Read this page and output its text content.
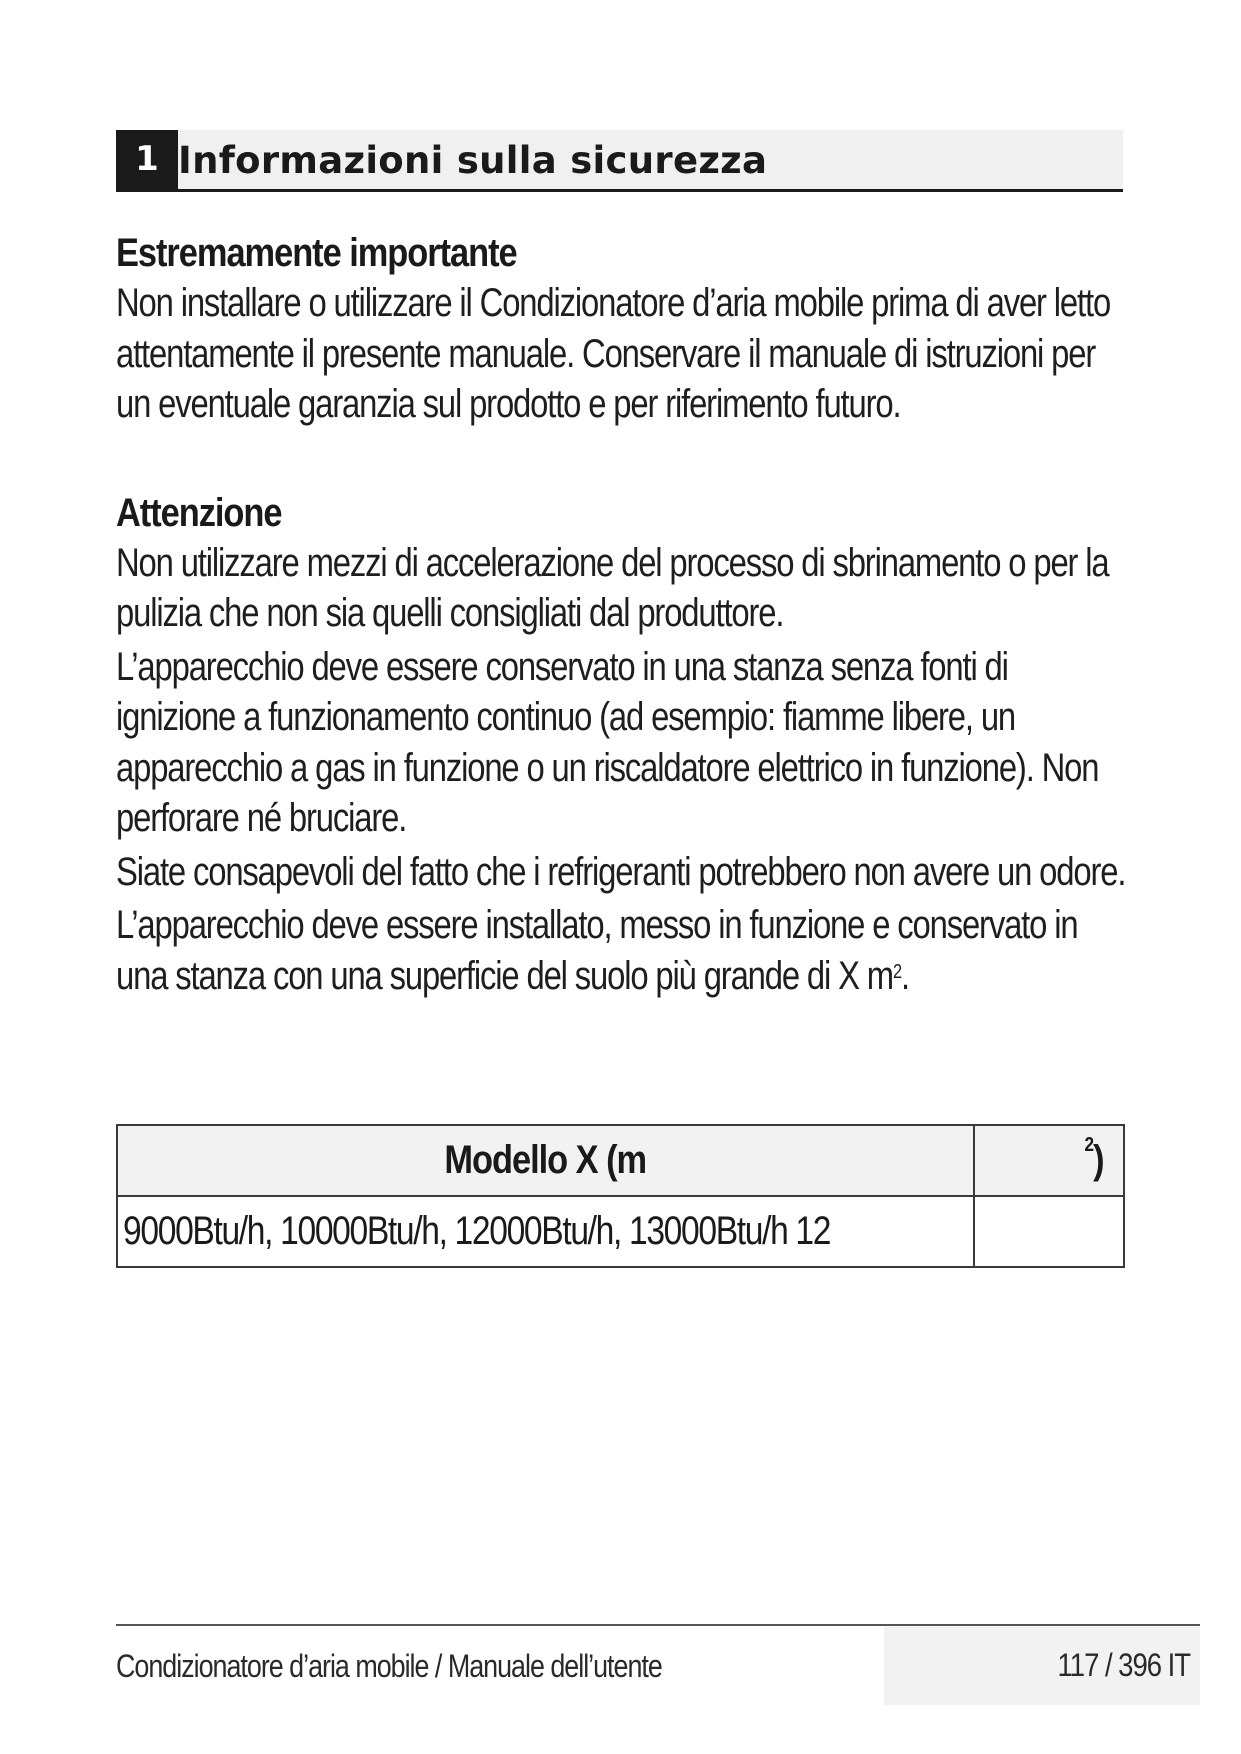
1 Informazioni sulla sicurezza
Estremamente importante

Non installare o utilizzare il Condizionatore d’aria mobile prima di aver letto attentamente il presente manuale. Conservare il manuale di istruzioni per un eventuale garanzia sul prodotto e per riferimento futuro.

Attenzione

Non utilizzare mezzi di accelerazione del processo di sbrinamento o per la pulizia che non sia quelli consigliati dal produttore.

L’apparecchio deve essere conservato in una stanza senza fonti di ignizione a funzionamento continuo (ad esempio: fiamme libere, un apparecchio a gas in funzione o un riscaldatore elettrico in funzione). Non perforare né bruciare.

Siate consapevoli del fatto che i refrigeranti potrebbero non avere un odore.

L’apparecchio deve essere installato, messo in funzione e conservato in una stanza con una superficie del suolo più grande di X $m^2$.

Modello X (m	$^2$)
9000Btu/h, 10000Btu/h, 12000Btu/h, 13000Btu/h 12	
Condizionatore d’aria mobile / Manuale dell’utente	117 / 396 IT
